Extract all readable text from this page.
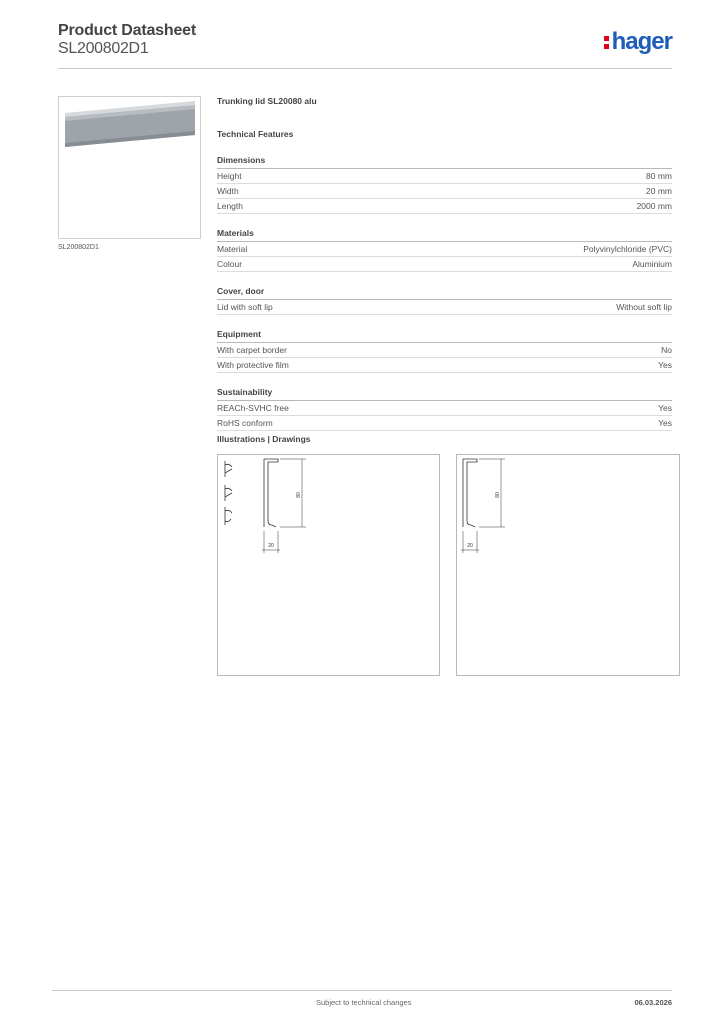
Product Datasheet
SL200802D1	hager
SL200802D1
Trunking lid SL20080 alu
Technical Features
Dimensions
Height	80 mm
Width	20 mm
Length	2000 mm
Materials
Material	Polyvinylchloride (PVC)
Colour	Aluminium
Cover, door
Lid with soft lip	Without soft lip
Equipment
With carpet border	No
With protective film	Yes
Sustainability
REACh-SVHC free	Yes
RoHS conform	Yes
Illustrations | Drawings
80
20
80
20
Subject to technical changes	06.03.2026
